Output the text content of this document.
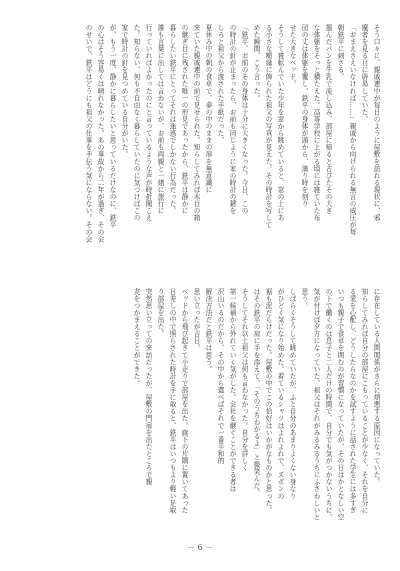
そう口々に、親戚連中が毎日のように屋敷を訪れる現状に、邪
魔者を見る目に辟易していた。
「おまえさえいなければ……」親戚から向けられる無言の威圧が毎
朝鉄平に刺さる。
掴んだパンを牛乳で流し込み、部屋に帰ると古びたその大き
な体躯をそっと横たえた。高等学校に上がる頃には寝ていた布
団の丈は体躯を覆し、鉄平の身体が頭から、滴り時を刻り
せた大きなベッド。
そうして寝転んでいた少年を窓から眺めていると、窓の上にあ
る小さな額縁に飾られた祖父の写真が見えた。その時計を写して
めた瞬間、こう言った。
「鉄平、お前のその身体は十分に大きくなった。今日、この
の時計の針が止まったら、お前も同じように家の時計の鍵を
しろと祖父から渡された手紙だった。
夏休み中の朝の食卓で、夢の中のままの扉を無意識に
来ていた親戚連中の前で見せられた。知らしてみれば木目の箱
の継ぎ目に残された唯一の形見であったから、鉄平は静かに
暮らしたい鉄平にとってそれは迷惑でしかない行為だった。
誰も言葉に出しては言わないが、お前も両親と一緒に旅行に
行っていればよかったのにと言っているような声が時折聞こえ
た。知らない、何も不自由なく暮らしていたのに気づけばこの
家で時計の針を見つめている自分がいた。
が、もう一度、静かに暮らしたいと思っているだけなのに、鉄平
の心はそう容易くは晴れなかった。あの事故から二年が過ぎ、その会
のせいで、鉄平はどうにも祖父の仕事を手伝う気にならない。その会
に存在している人間関係がさらに煩悪する原因になっていた。
知らしてみれば自分の部屋にこもっていることが少なく、それを自分に
る愛を心配し、どうしたらなのかを試すように話された学生には多すぎ
いつも親子で食卓を囲むのが習慣になっていたが、その日はかとなしい空
の下で働くのは息子と二人だけの時間で、自分でも気がつかないうちに、
気が付けば夕方になっていた。祖父はそれがみるみるうちにふさわしいと
思う。
しばらくそうして眺めていたが、ふと自分のあまりよくない身なり
がひどく気になり始めた。着ているシャツはよれよれで、ズボンの
裾も泥だらけだった。屋敷の中でこの恰好はいかがなものかと思った。
はその鉄平の肩に手を添えて、「そのうちわかるよ」と微笑んだ。
そうしてそれ以上祖父は何も言わなかった。自分を詳しく
第一候補から外れていく気がした。会社を継ぐことができる者は
沢山いるのだから、その中から選べばそれで一番平和的
解決方法だと鉄平は思う。
思い立ったが吉日。
ベッドから飛び起きて小走りで部屋を出た。廊下の片隅に置いてあった
日差しの中で照らされた時計を手に取ると、鉄平はいつもより軽い足取
り部屋を出た。
突然思い立っての来訪だったが、屋敷の門扉を出たところで親
友をつかまえることができた。
－ 6 －
